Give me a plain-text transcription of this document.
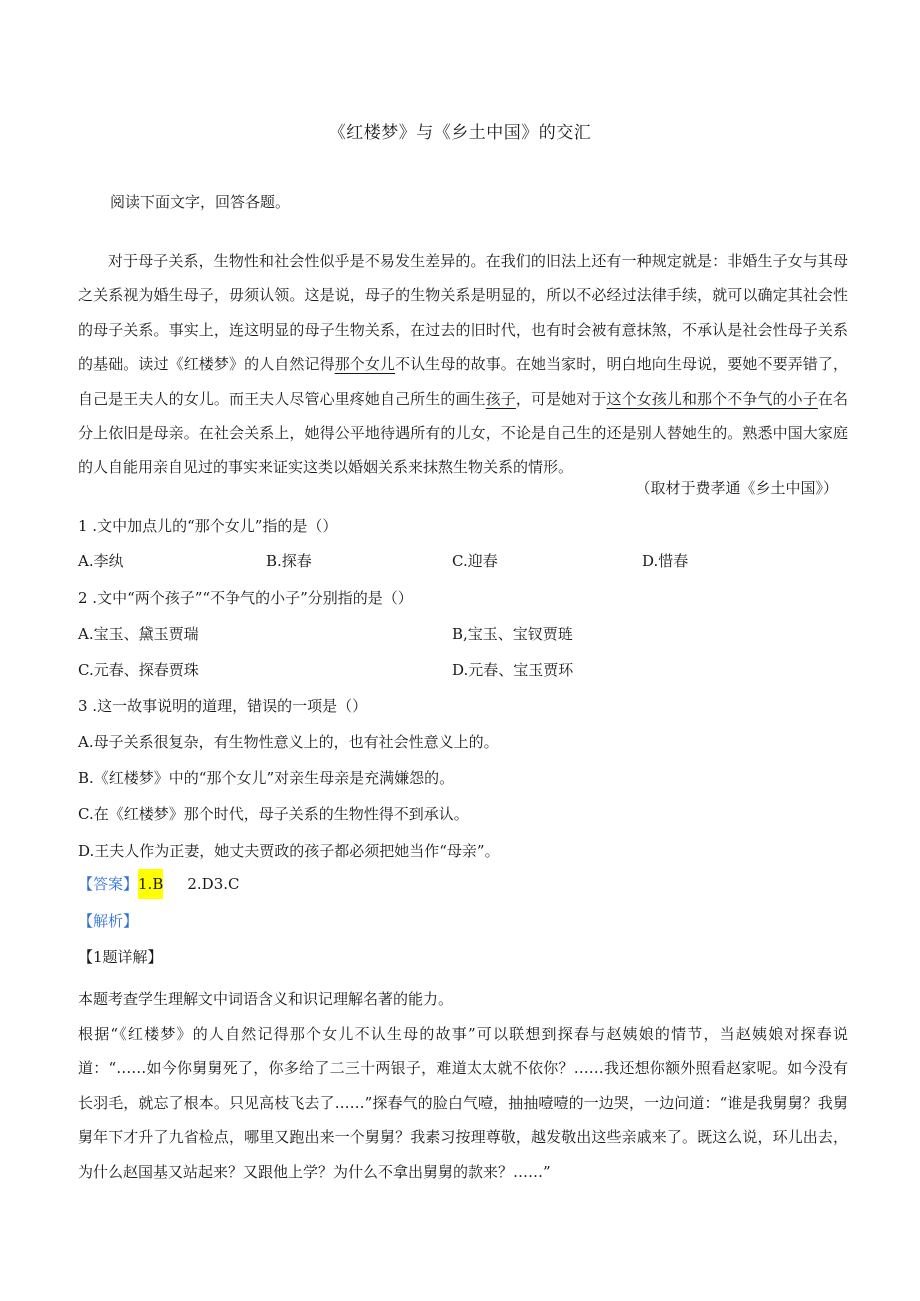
《红楼梦》与《乡土中国》的交汇
阅读下面文字，回答各题。

对于母子关系，生物性和社会性似乎是不易发生差异的。在我们的旧法上还有一种规定就是：非婚生子女与其母之关系视为婚生母子，毋须认领。这是说，母子的生物关系是明显的，所以不必经过法律手续，就可以确定其社会性的母子关系。事实上，连这明显的母子生物关系，在过去的旧时代，也有时会被有意抹煞，不承认是社会性母子关系的基础。读过《红楼梦》的人自然记得那个女儿不认生母的故事。在她当家时，明白地向生母说，要她不要弄错了，自己是王夫人的女儿。而王夫人尽管心里疼她自己所生的画生孩子，可是她对于这个女孩儿和那个不争气的小子在名分上依旧是母亲。在社会关系上，她得公平地待遇所有的儿女，不论是自己生的还是别人替她生的。熟悉中国大家庭的人自能用亲自见过的事实来证实这类以婚姻关系来抹熬生物关系的情形。

（取材于费孝通《乡土中国》）
1 .文中加点儿的“那个女儿”指的是（）
A.李纨	B.探春	C.迎春	D.惜春
2 .文中“两个孩子”“不争气的小子”分别指的是（）
A.宝玉、黛玉贾瑞	B,宝玉、宝钗贾琏
C.元春、探春贾珠	D.元春、宝玉贾环
3 .这一故事说明的道理，错误的一项是（）
A.母子关系很复杂，有生物性意义上的，也有社会性意义上的。
B.《红楼梦》中的“那个女儿”对亲生母亲是充满嫌怨的。
C.在《红楼梦》那个时代，母子关系的生物性得不到承认。
D.王夫人作为正妻，她丈夫贾政的孩子都必须把她当作“母亲”。
【答案】1.B 2.D3.C
【解析】
【1题详解】

本题考查学生理解文中词语含义和识记理解名著的能力。

根据“《红楼梦》的人自然记得那个女儿不认生母的故事”可以联想到探春与赵姨娘的情节，当赵姨娘对探春说道：“……如今你舅舅死了，你多给了二三十两银子，难道太太就不依你？……我还想你额外照看赵家呢。如今没有长羽毛，就忘了根本。只见高枝飞去了……”探春气的脸白气噎，抽抽噎噎的一边哭，一边问道：“谁是我舅舅？我舅舅年下才升了九省检点，哪里又跑出来一个舅舅？我素习按理尊敬，越发敬出这些亲戚来了。既这么说，环儿出去，为什么赵国基又站起来？又跟他上学？为什么不拿出舅舅的款来？……”
